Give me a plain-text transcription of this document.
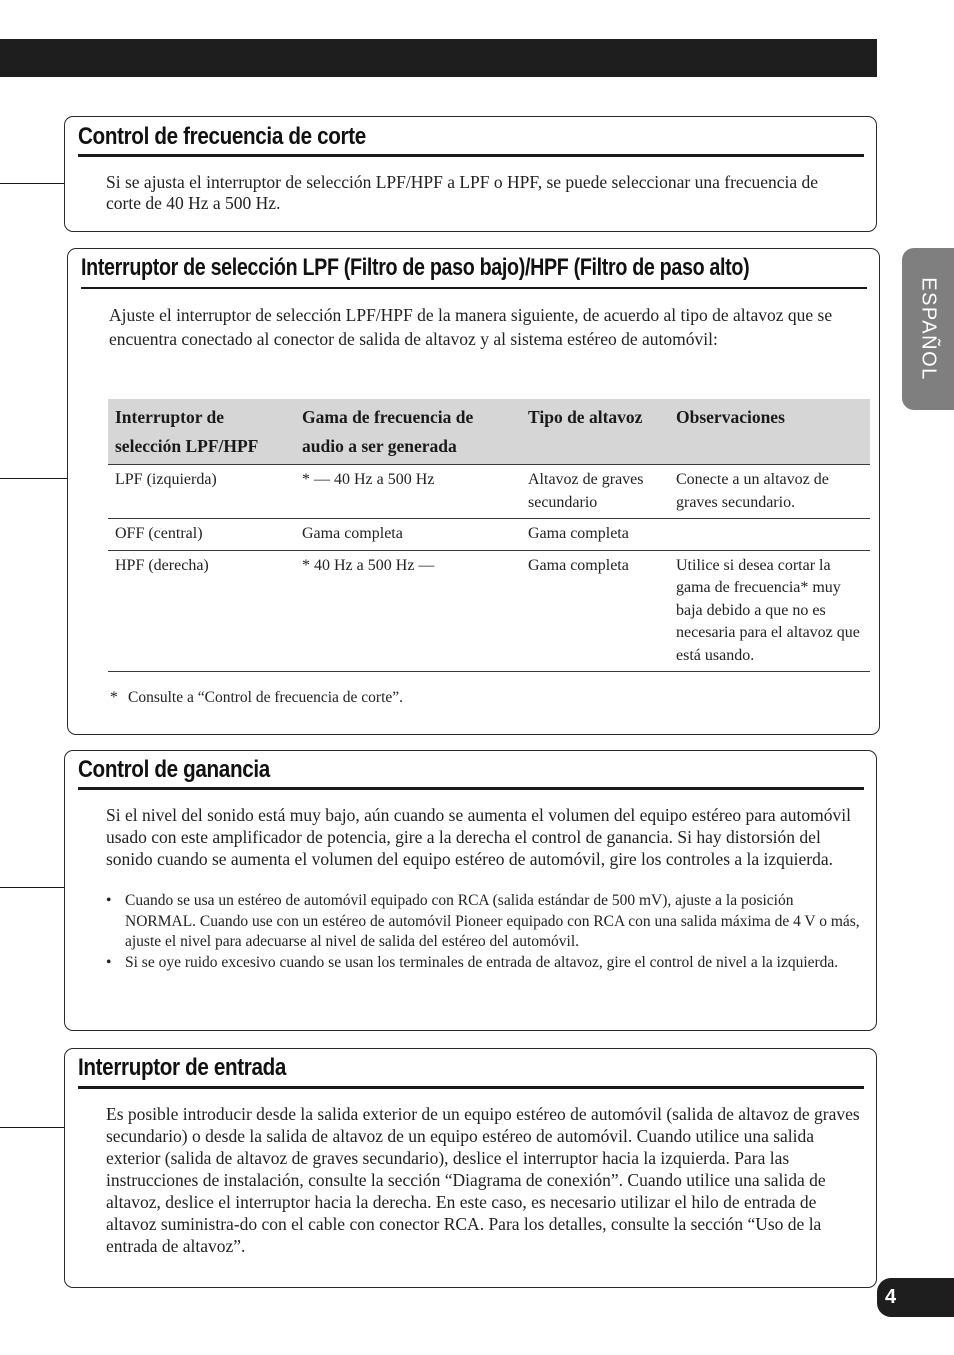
Control de frecuencia de corte

Si se ajusta el interruptor de selección LPF/HPF a LPF o HPF, se puede seleccionar una frecuencia de corte de 40 Hz a 500 Hz.

Interruptor de selección LPF (Filtro de paso bajo)/HPF (Filtro de paso alto)

Ajuste el interruptor de selección LPF/HPF de la manera siguiente, de acuerdo al tipo de altavoz que se encuentra conectado al conector de salida de altavoz y al sistema estéreo de automóvil:

Interruptor de selección LPF/HPF	Gama de frecuencia de audio a ser generada	Tipo de altavoz	Observaciones
LPF (izquierda)	* — 40 Hz a 500 Hz	Altavoz de graves secundario	Conecte a un altavoz de graves secundario.
OFF (central)	Gama completa	Gama completa	
HPF (derecha)	* 40 Hz a 500 Hz —	Gama completa	Utilice si desea cortar la gama de frecuencia* muy baja debido a que no es necesaria para el altavoz que está usando.

* Consulte a “Control de frecuencia de corte”.

Control de ganancia

Si el nivel del sonido está muy bajo, aún cuando se aumenta el volumen del equipo estéreo para automóvil usado con este amplificador de potencia, gire a la derecha el control de ganancia. Si hay distorsión del sonido cuando se aumenta el volumen del equipo estéreo de automóvil, gire los controles a la izquierda.

• Cuando se usa un estéreo de automóvil equipado con RCA (salida estándar de 500 mV), ajuste a la posición NORMAL. Cuando use con un estéreo de automóvil Pioneer equipado con RCA con una salida máxima de 4 V o más, ajuste el nivel para adecuarse al nivel de salida del estéreo del automóvil.
• Si se oye ruido excesivo cuando se usan los terminales de entrada de altavoz, gire el control de nivel a la izquierda.
Interruptor de entrada

Es posible introducir desde la salida exterior de un equipo estéreo de automóvil (salida de altavoz de graves secundario) o desde la salida de altavoz de un equipo estéreo de automóvil. Cuando utilice una salida exterior (salida de altavoz de graves secundario), deslice el interruptor hacia la izquierda. Para las instrucciones de instalación, consulte la sección “Diagrama de conexión”. Cuando utilice una salida de altavoz, deslice el interruptor hacia la derecha. En este caso, es necesario utilizar el hilo de entrada de altavoz suministra-do con el cable con conector RCA. Para los detalles, consulte la sección “Uso de la entrada de altavoz”.

ESPAÑOL
4
